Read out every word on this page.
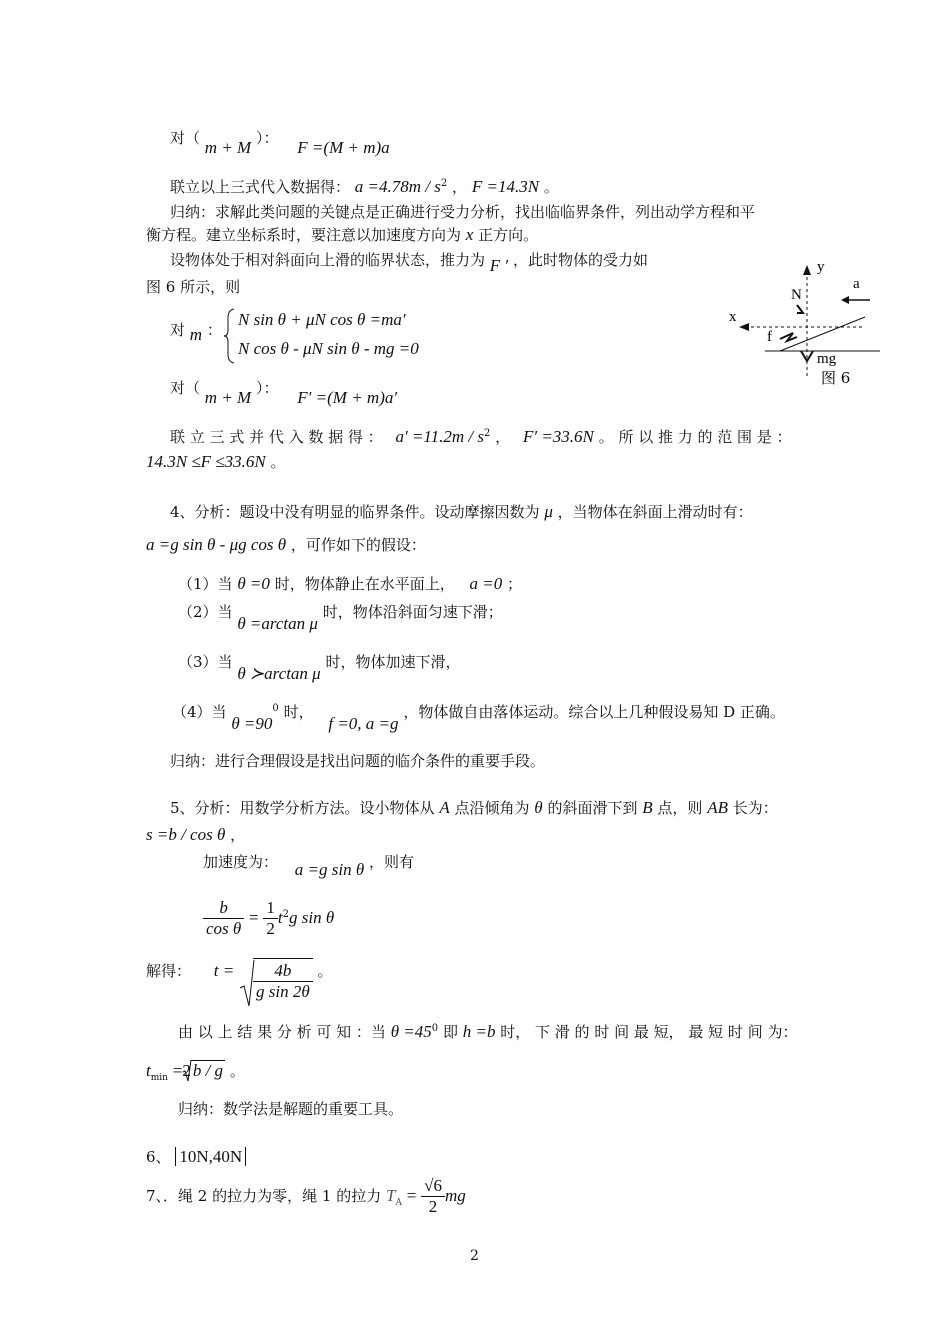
对（ m + M ）： F =(M + m)a
联立以上三式代入数据得： $a =4.78m / s^2$ ， F =14.3N 。
归纳：求解此类问题的关键点是正确进行受力分析，找出临临界条件，列出动学方程和平
衡方程。建立坐标系时，要注意以加速度方向为 x 正方向。
设物体处于相对斜面向上滑的临界状态，推力为 F ′ ，此时物体的受力如
图 6 所示，则
对 m ：
N sin θ + μN cos θ =ma′
N cos θ - μN sin θ - mg =0
对（ m + M ）： F′ =(M + m)a′
联 立 三 式 并 代 入 数 据 得 ： $a' =11.2m / s^2$ ， F′ =33.6N 。 所 以 推 力 的 范 围 是 ：
14.3N ≤F ≤33.6N 。
y
a
N
x
f
mg
图 6
4、分析：题设中没有明显的临界条件。设动摩擦因数为 μ ，当物体在斜面上滑动时有：
a =g sin θ - μg cos θ ，可作如下的假设：
（1）当 θ =0 时，物体静止在水平面上， a =0 ；
（2）当 θ =arctan μ 时，物体沿斜面匀速下滑；
（3）当 θ ≻arctan μ 时，物体加速下滑，
（4）当 $\theta =90^0$ 时， f =0, a =g ，物体做自由落体运动。综合以上几种假设易知 D 正确。
归纳：进行合理假设是找出问题的临介条件的重要手段。
5、分析：用数学分析方法。设小物体从 A 点沿倾角为 θ 的斜面滑下到 B 点，则 AB 长为：
s =b / cos θ ，
加速度为： a =g sin θ ，则有
$\frac{b}{\text{cos θ}} = \frac{1}{2} t^2g$ sin θ
解得： $t = \frac{4b}{\text{g sin 2θ}}$ 。
由 以 上 结 果 分 析 可 知 ：当 $\theta =45^0$ 即 h =b 时， 下 滑 的 时 间 最 短， 最 短 时 间 为：
$t_{min} =2$ b / g 。
归纳：数学法是解题的重要工具。
6、 10N,40N
7、．绳 2 的拉力为零，绳 1 的拉力 $T_A = \frac{√6}{2}$ mg
2
